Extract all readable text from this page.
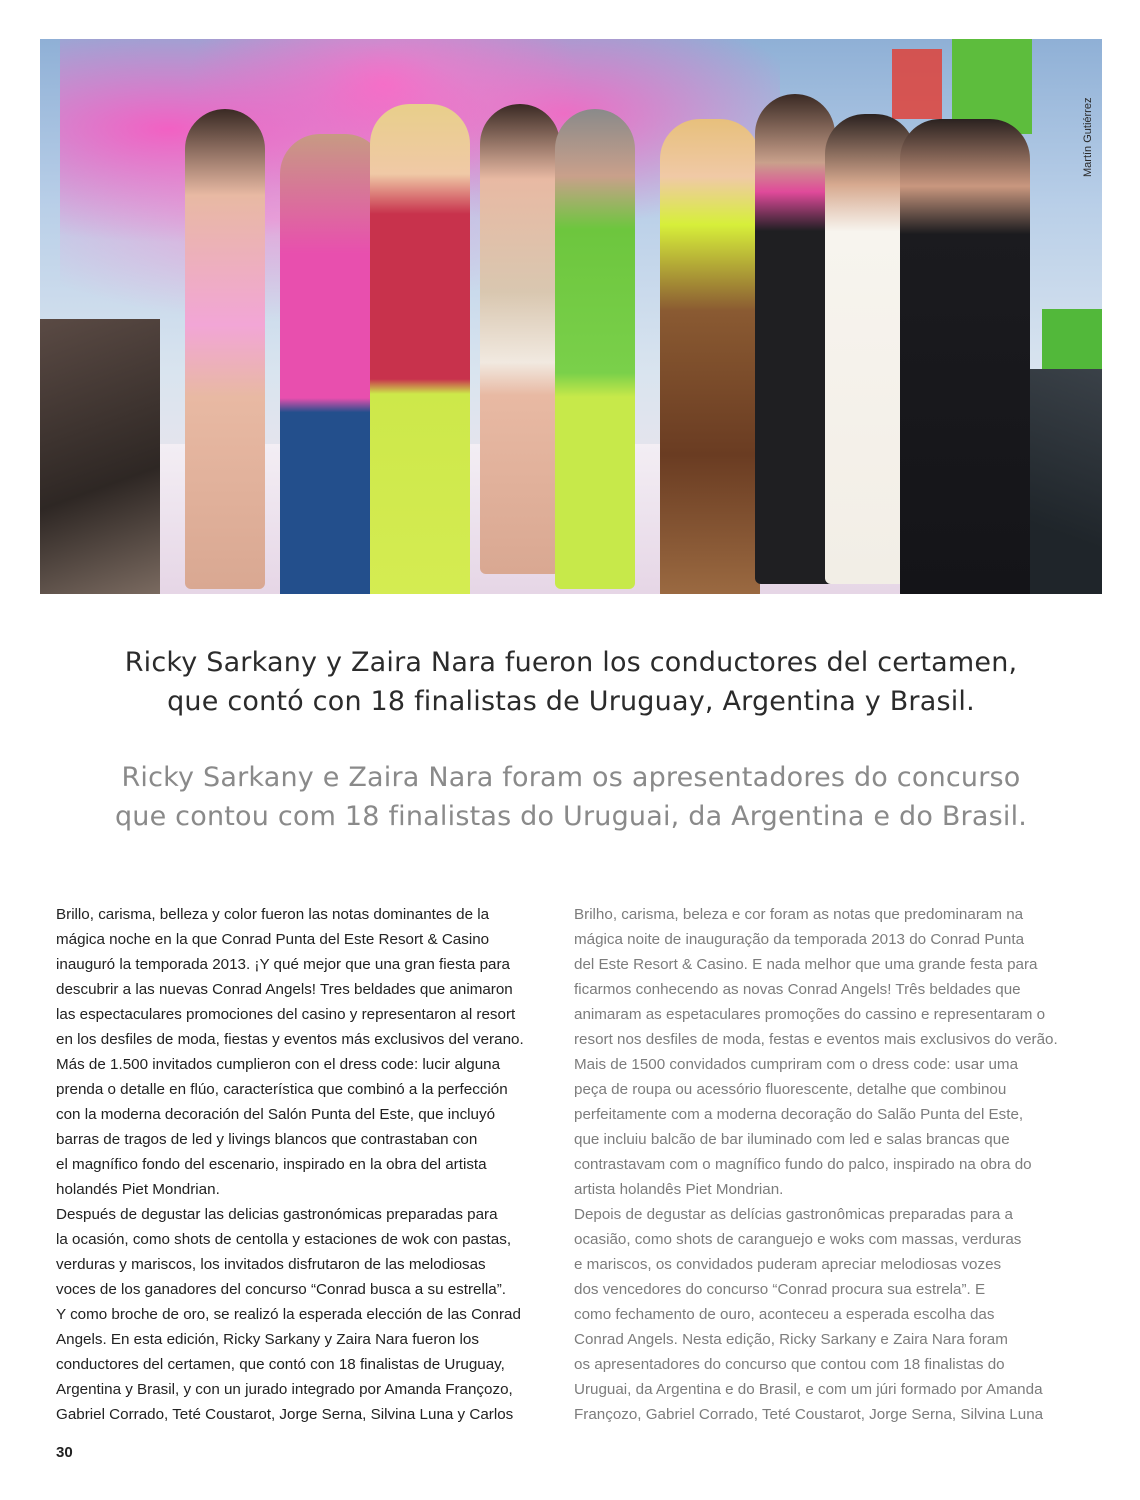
Martín Gutiérrez
Ricky Sarkany y Zaira Nara fueron los conductores del certamen,
que contó con 18 finalistas de Uruguay, Argentina y Brasil.
Ricky Sarkany e Zaira Nara foram os apresentadores do concurso
que contou com 18 finalistas do Uruguai, da Argentina e do Brasil.

Brillo, carisma, belleza y color fueron las notas dominantes de la

mágica noche en la que Conrad Punta del Este Resort & Casino

inauguró la temporada 2013. ¡Y qué mejor que una gran fiesta para

descubrir a las nuevas Conrad Angels! Tres beldades que animaron

las espectaculares promociones del casino y representaron al resort

en los desfiles de moda, fiestas y eventos más exclusivos del verano.

Más de 1.500 invitados cumplieron con el dress code: lucir alguna

prenda o detalle en flúo, característica que combinó a la perfección

con la moderna decoración del Salón Punta del Este, que incluyó

barras de tragos de led y livings blancos que contrastaban con

el magnífico fondo del escenario, inspirado en la obra del artista

holandés Piet Mondrian.

Después de degustar las delicias gastronómicas preparadas para

la ocasión, como shots de centolla y estaciones de wok con pastas,

verduras y mariscos, los invitados disfrutaron de las melodiosas

voces de los ganadores del concurso “Conrad busca a su estrella”.

Y como broche de oro, se realizó la esperada elección de las Conrad

Angels. En esta edición, Ricky Sarkany y Zaira Nara fueron los

conductores del certamen, que contó con 18 finalistas de Uruguay,

Argentina y Brasil, y con un jurado integrado por Amanda Françozo,

Gabriel Corrado, Teté Coustarot, Jorge Serna, Silvina Luna y Carlos

Brilho, carisma, beleza e cor foram as notas que predominaram na

mágica noite de inauguração da temporada 2013 do Conrad Punta

del Este Resort & Casino. E nada melhor que uma grande festa para

ficarmos conhecendo as novas Conrad Angels! Três beldades que

animaram as espetaculares promoções do cassino e representaram o

resort nos desfiles de moda, festas e eventos mais exclusivos do verão.

Mais de 1500 convidados cumpriram com o dress code: usar uma

peça de roupa ou acessório fluorescente, detalhe que combinou

perfeitamente com a moderna decoração do Salão Punta del Este,

que incluiu balcão de bar iluminado com led e salas brancas que

contrastavam com o magnífico fundo do palco, inspirado na obra do

artista holandês Piet Mondrian.

Depois de degustar as delícias gastronômicas preparadas para a

ocasião, como shots de caranguejo e woks com massas, verduras

e mariscos, os convidados puderam apreciar melodiosas vozes

dos vencedores do concurso “Conrad procura sua estrela”. E

como fechamento de ouro, aconteceu a esperada escolha das

Conrad Angels. Nesta edição, Ricky Sarkany e Zaira Nara foram

os apresentadores do concurso que contou com 18 finalistas do

Uruguai, da Argentina e do Brasil, e com um júri formado por Amanda

Françozo, Gabriel Corrado, Teté Coustarot, Jorge Serna, Silvina Luna

30
